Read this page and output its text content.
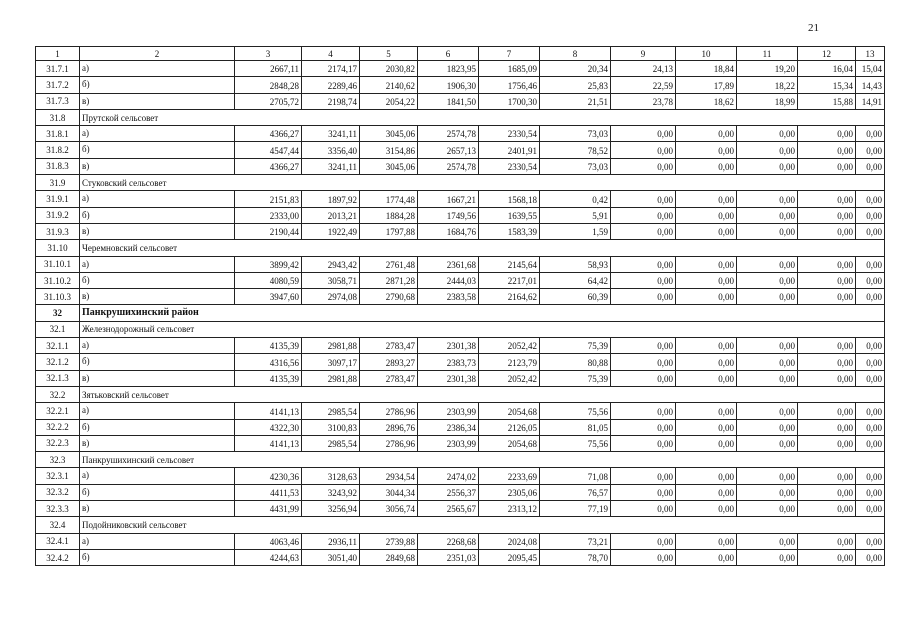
21
1	2	3	4	5	6	7	8	9	10	11	12	13
31.7.1	а)	2667,11	2174,17	2030,82	1823,95	1685,09	20,34	24,13	18,84	19,20	16,04	15,04
31.7.2	б)	2848,28	2289,46	2140,62	1906,30	1756,46	25,83	22,59	17,89	18,22	15,34	14,43
31.7.3	в)	2705,72	2198,74	2054,22	1841,50	1700,30	21,51	23,78	18,62	18,99	15,88	14,91
31.8	Прутской сельсовет											
31.8.1	а)	4366,27	3241,11	3045,06	2574,78	2330,54	73,03	0,00	0,00	0,00	0,00	0,00
31.8.2	б)	4547,44	3356,40	3154,86	2657,13	2401,91	78,52	0,00	0,00	0,00	0,00	0,00
31.8.3	в)	4366,27	3241,11	3045,06	2574,78	2330,54	73,03	0,00	0,00	0,00	0,00	0,00
31.9	Стуковский сельсовет											
31.9.1	а)	2151,83	1897,92	1774,48	1667,21	1568,18	0,42	0,00	0,00	0,00	0,00	0,00
31.9.2	б)	2333,00	2013,21	1884,28	1749,56	1639,55	5,91	0,00	0,00	0,00	0,00	0,00
31.9.3	в)	2190,44	1922,49	1797,88	1684,76	1583,39	1,59	0,00	0,00	0,00	0,00	0,00
31.10	Черемновский сельсовет											
31.10.1	а)	3899,42	2943,42	2761,48	2361,68	2145,64	58,93	0,00	0,00	0,00	0,00	0,00
31.10.2	б)	4080,59	3058,71	2871,28	2444,03	2217,01	64,42	0,00	0,00	0,00	0,00	0,00
31.10.3	в)	3947,60	2974,08	2790,68	2383,58	2164,62	60,39	0,00	0,00	0,00	0,00	0,00
32	Панкрушихинский район											
32.1	Железнодорожный сельсовет											
32.1.1	а)	4135,39	2981,88	2783,47	2301,38	2052,42	75,39	0,00	0,00	0,00	0,00	0,00
32.1.2	б)	4316,56	3097,17	2893,27	2383,73	2123,79	80,88	0,00	0,00	0,00	0,00	0,00
32.1.3	в)	4135,39	2981,88	2783,47	2301,38	2052,42	75,39	0,00	0,00	0,00	0,00	0,00
32.2	Зятьковский сельсовет											
32.2.1	а)	4141,13	2985,54	2786,96	2303,99	2054,68	75,56	0,00	0,00	0,00	0,00	0,00
32.2.2	б)	4322,30	3100,83	2896,76	2386,34	2126,05	81,05	0,00	0,00	0,00	0,00	0,00
32.2.3	в)	4141,13	2985,54	2786,96	2303,99	2054,68	75,56	0,00	0,00	0,00	0,00	0,00
32.3	Панкрушихинский сельсовет											
32.3.1	а)	4230,36	3128,63	2934,54	2474,02	2233,69	71,08	0,00	0,00	0,00	0,00	0,00
32.3.2	б)	4411,53	3243,92	3044,34	2556,37	2305,06	76,57	0,00	0,00	0,00	0,00	0,00
32.3.3	в)	4431,99	3256,94	3056,74	2565,67	2313,12	77,19	0,00	0,00	0,00	0,00	0,00
32.4	Подойниковский сельсовет											
32.4.1	а)	4063,46	2936,11	2739,88	2268,68	2024,08	73,21	0,00	0,00	0,00	0,00	0,00
32.4.2	б)	4244,63	3051,40	2849,68	2351,03	2095,45	78,70	0,00	0,00	0,00	0,00	0,00
